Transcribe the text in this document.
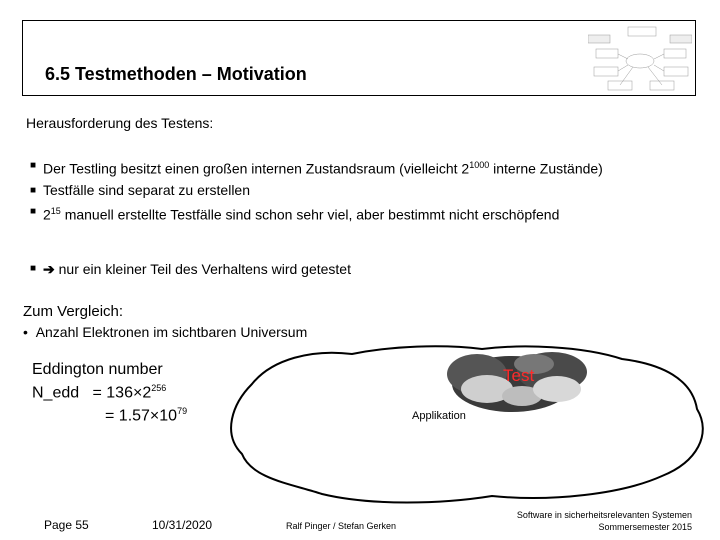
6.5 Testmethoden – Motivation
Herausforderung des Testens:
■ Der Testling besitzt einen großen internen Zustandsraum (vielleicht $2^{1000}$ interne Zustände)
■ Testfälle sind separat zu erstellen
■ $2^{15}$ manuell erstellte Testfälle sind schon sehr viel, aber bestimmt nicht erschöpfend
■ ➔ nur ein kleiner Teil des Verhaltens wird getestet
Zum Vergleich:
•  Anzahl Elektronen im sichtbaren Universum
Test
Applikation
Eddington number
N_edd   = $136\times 2^{256}$
= $1.57\times 10^{79}$
Page 55	10/31/2020	Ralf Pinger / Stefan Gerken
Software in sicherheitsrelevanten Systemen
Sommersemester 2015
